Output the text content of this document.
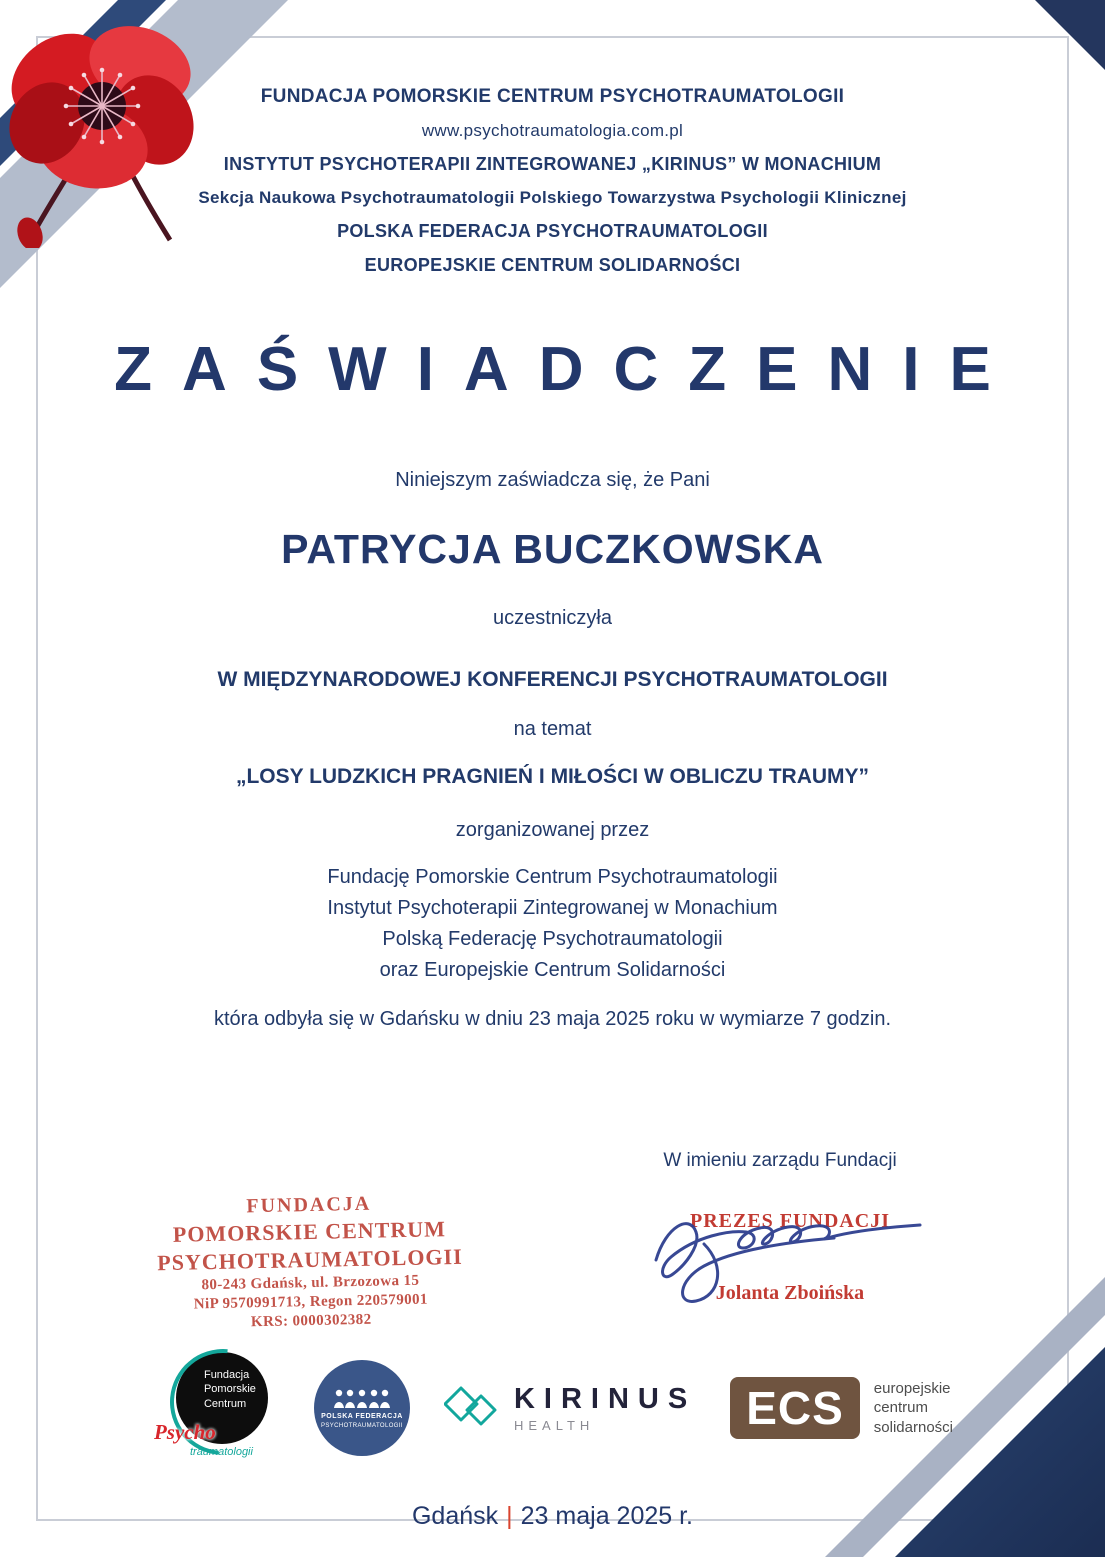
FUNDACJA POMORSKIE CENTRUM PSYCHOTRAUMATOLOGII
www.psychotraumatologia.com.pl
INSTYTUT PSYCHOTERAPII ZINTEGROWANEJ „KIRINUS” W MONACHIUM
Sekcja Naukowa Psychotraumatologii Polskiego Towarzystwa Psychologii Klinicznej
POLSKA FEDERACJA PSYCHOTRAUMATOLOGII
EUROPEJSKIE CENTRUM SOLIDARNOŚCI
ZAŚWIADCZENIE

Niniejszym zaświadcza się, że Pani

PATRYCJA BUCZKOWSKA

uczestniczyła

W MIĘDZYNARODOWEJ KONFERENCJI PSYCHOTRAUMATOLOGII

na temat

„LOSY LUDZKICH PRAGNIEŃ I MIŁOŚCI W OBLICZU TRAUMY”

zorganizowanej przez

Fundację Pomorskie Centrum Psychotraumatologii
Instytut Psychoterapii Zintegrowanej w Monachium
Polską Federację Psychotraumatologii
oraz Europejskie Centrum Solidarności

która odbyła się w Gdańsku w dniu 23 maja 2025 roku w wymiarze 7 godzin.

W imieniu zarządu Fundacji
FUNDACJA
POMORSKIE CENTRUM
PSYCHOTRAUMATOLOGII
80-243 Gdańsk, ul. Brzozowa 15
NiP 9570991713, Regon 220579001
KRS: 0000302382
PREZES FUNDACJI
Jolanta Zboińska
Fundacja
Pomorskie
Centrum
Psycho
traumatologii
POLSKA FEDERACJA
PSYCHOTRAUMATOLOGII
KIRINUS
HEALTH	ECS	europejskie
centrum
solidarności
Gdańsk | 23 maja 2025 r.
